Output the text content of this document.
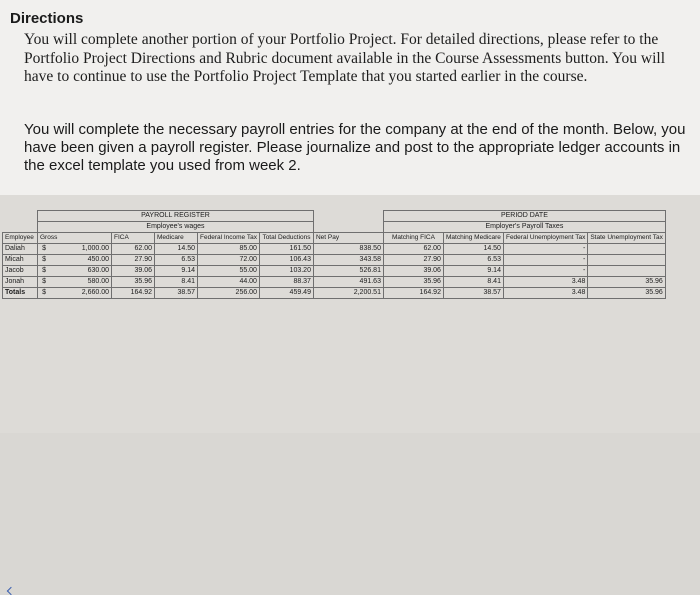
Directions
You will complete another portion of your Portfolio Project. For detailed directions, please refer to the Portfolio Project Directions and Rubric document available in the Course Assessments button. You will have to continue to use the Portfolio Project Template that you started earlier in the course.
You will complete the necessary payroll entries for the company at the end of the month. Below, you have been given a payroll register. Please journalize and post to the appropriate ledger accounts in the excel template you used from week 2.
	PAYROLL REGISTER						PERIOD DATE			
	Employee's wages						Employer's Payroll Taxes			
Employee	Gross	FICA	Medicare	Federal Income Tax	Total Deductions	Net Pay	Matching FICA	Matching Medicare	Federal Unemployment Tax	State Unemployment Tax
Daliah	$ 1,000.00	62.00	14.50	85.00	161.50	838.50	62.00	14.50	-	
Micah	$ 450.00	27.90	6.53	72.00	106.43	343.58	27.90	6.53	-	
Jacob	$ 630.00	39.06	9.14	55.00	103.20	526.81	39.06	9.14	-	
Jonah	$ 580.00	35.96	8.41	44.00	88.37	491.63	35.96	8.41	3.48	35.96
Totals	$ 2,660.00	164.92	38.57	256.00	459.49	2,200.51	164.92	38.57	3.48	35.96
